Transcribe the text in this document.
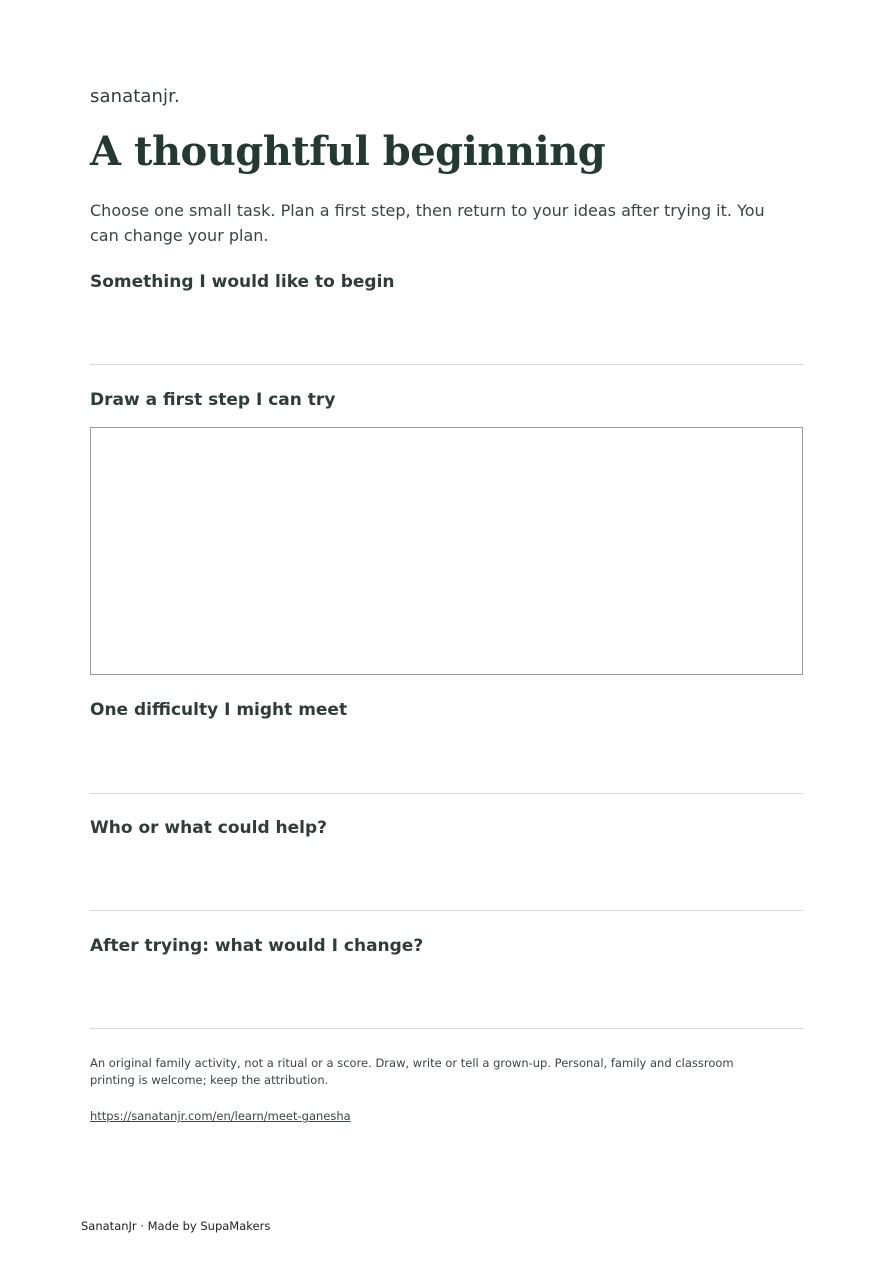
sanatanjr.
A thoughtful beginning

Choose one small task. Plan a first step, then return to your ideas after trying it. You can change your plan.

Something I would like to begin
Draw a first step I can try
One difficulty I might meet
Who or what could help?
After trying: what would I change?

An original family activity, not a ritual or a score. Draw, write or tell a grown-up. Personal, family and classroom printing is welcome; keep the attribution.

https://sanatanjr.com/en/learn/meet-ganesha
SanatanJr · Made by SupaMakers
